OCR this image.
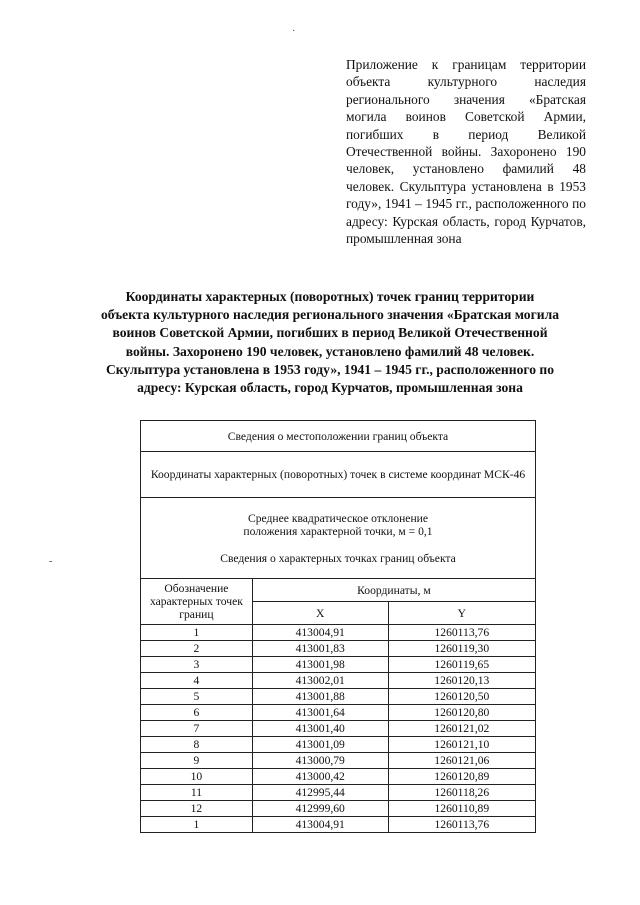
·
-
Приложение к границам территории объекта культурного наследия регионального значения «Братская могила воинов Советской Армии, погибших в период Великой Отечественной войны. Захоронено 190 человек, установлено фамилий 48 человек. Скульптура установлена в 1953 году», 1941 – 1945 гг., расположенного по адресу: Курская область, город Курчатов, промышленная зона
Координаты характерных (поворотных) точек границ территории объекта культурного наследия регионального значения «Братская могила воинов Советской Армии, погибших в период Великой Отечественной войны. Захоронено 190 человек, установлено фамилий 48 человек. Скульптура установлена в 1953 году», 1941 – 1945 гг., расположенного по адресу: Курская область, город Курчатов, промышленная зона
Сведения о местоположении границ объекта		
Координаты характерных (поворотных) точек в системе координат МСК-46		
Среднее квадратическое отклонение
положения характерной точки, м = 0,1
Сведения о характерных точках границ объекта		

Обозначение характерных точек границ	Координаты, м	
	X	Y
1	413004,91	1260113,76
2	413001,83	1260119,30
3	413001,98	1260119,65
4	413002,01	1260120,13
5	413001,88	1260120,50
6	413001,64	1260120,80
7	413001,40	1260121,02
8	413001,09	1260121,10
9	413000,79	1260121,06
10	413000,42	1260120,89
11	412995,44	1260118,26
12	412999,60	1260110,89
1	413004,91	1260113,76
